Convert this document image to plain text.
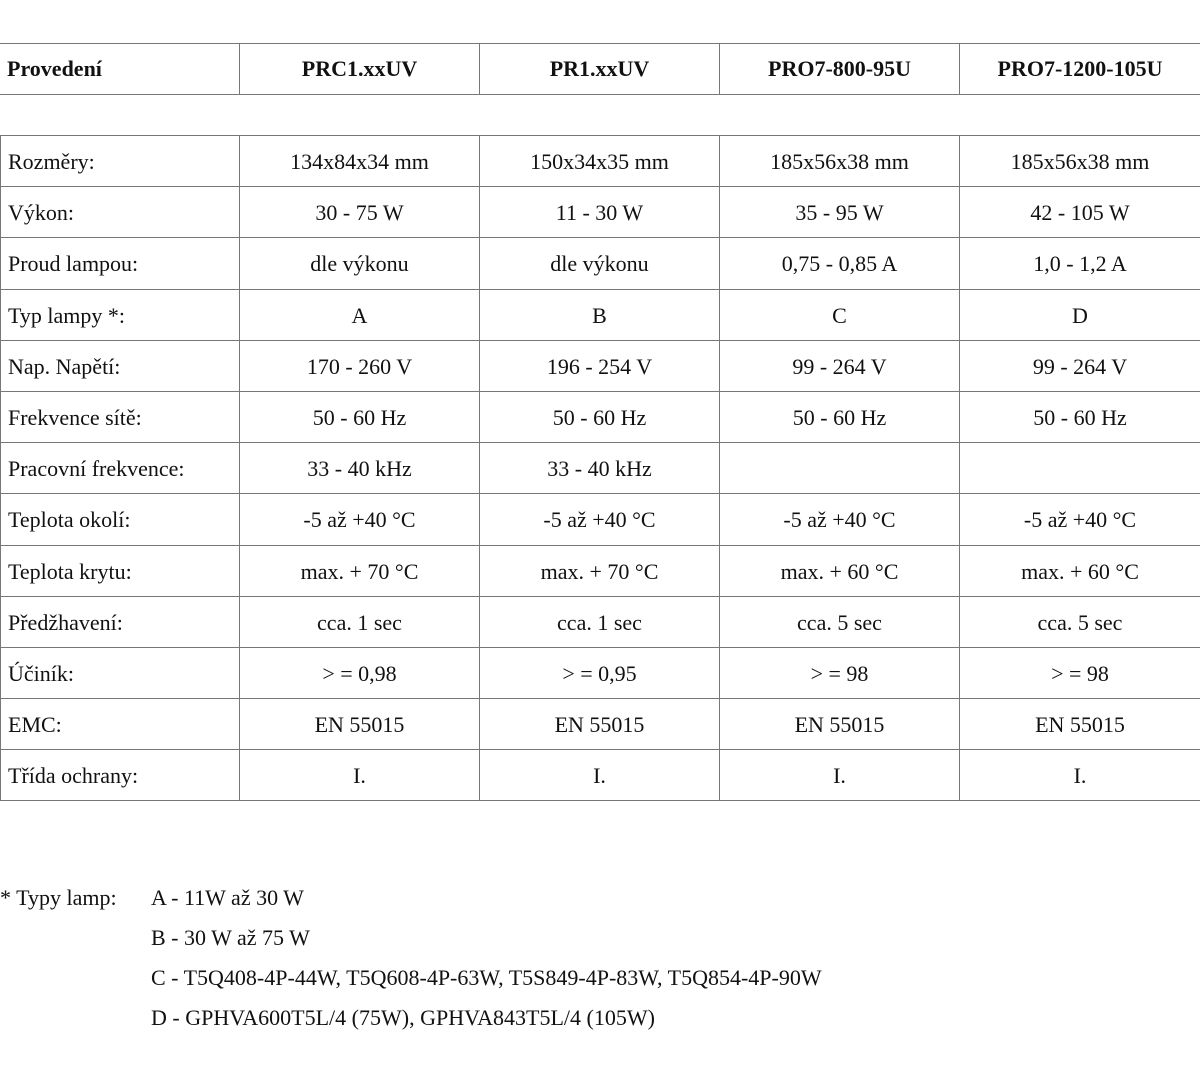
Provedení	PRC1.xxUV	PR1.xxUV	PRO7-800-95U	PRO7-1200-105U
Rozměry:	134x84x34 mm	150x34x35 mm	185x56x38 mm	185x56x38 mm
Výkon:	30 - 75 W	11 - 30 W	35 - 95 W	42 - 105 W
Proud lampou:	dle výkonu	dle výkonu	0,75 - 0,85 A	1,0 - 1,2 A
Typ lampy *:	A	B	C	D
Nap. Napětí:	170 - 260 V	196 - 254 V	99 - 264 V	99 - 264 V
Frekvence sítě:	50 - 60 Hz	50 - 60 Hz	50 - 60 Hz	50 - 60 Hz
Pracovní frekvence:	33 - 40 kHz	33 - 40 kHz
Teplota okolí:	-5 až +40 °C	-5 až +40 °C	-5 až +40 °C	-5 až +40 °C
Teplota krytu:	max. + 70 °C	max. + 70 °C	max. + 60 °C	max. + 60 °C
Předžhavení:	cca. 1 sec	cca. 1 sec	cca. 5 sec	cca. 5 sec
Účiník:	> = 0,98	> = 0,95	> = 98	> = 98
EMC:	EN 55015	EN 55015	EN 55015	EN 55015
Třída ochrany:	I.	I.	I.	I.
* Typy lamp:	A - 11W až 30 W
B - 30 W až 75 W
C - T5Q408-4P-44W, T5Q608-4P-63W, T5S849-4P-83W, T5Q854-4P-90W
D - GPHVA600T5L/4 (75W), GPHVA843T5L/4 (105W)
